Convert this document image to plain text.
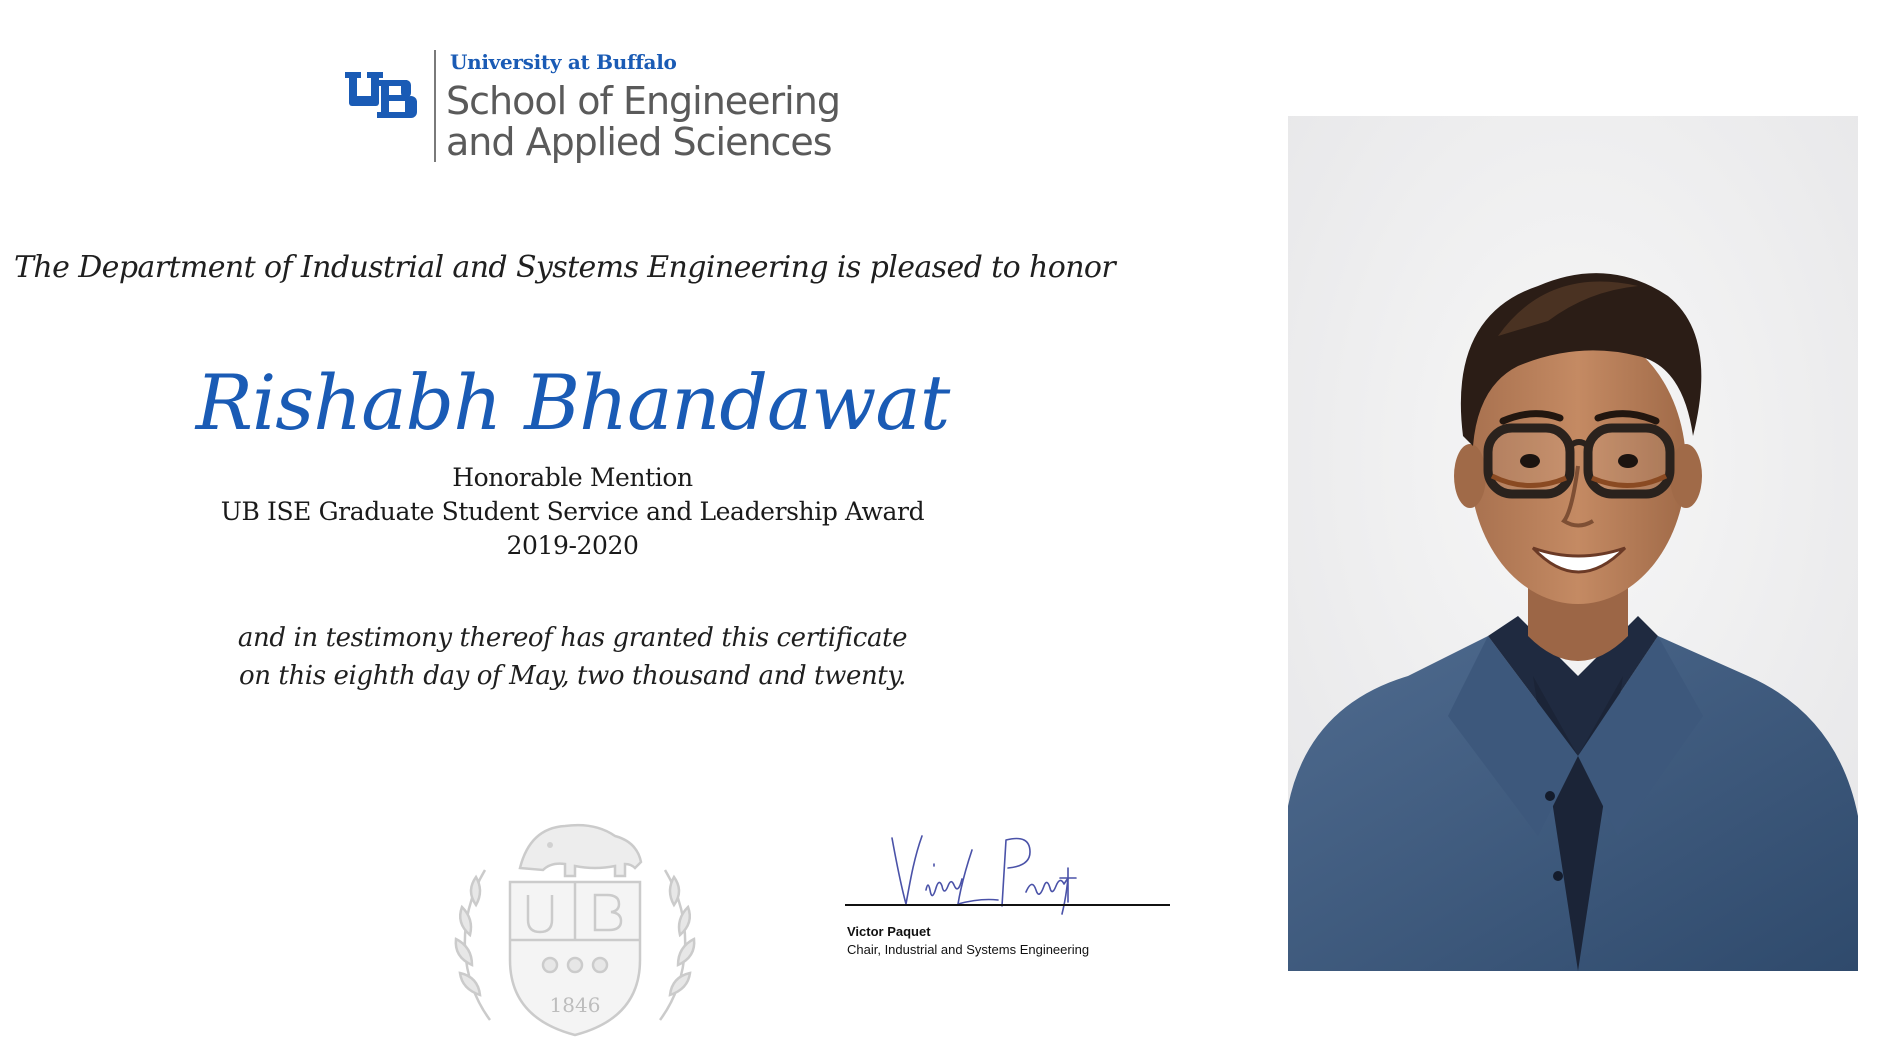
University at Buffalo
School of Engineering
and Applied Sciences
The Department of Industrial and Systems Engineering is pleased to honor
Rishabh Bhandawat
Honorable Mention
UB ISE Graduate Student Service and Leadership Award
2019-2020
and in testimony thereof has granted this certificate
on this eighth day of May, two thousand and twenty.
1846
Victor Paquet
Chair, Industrial and Systems Engineering
